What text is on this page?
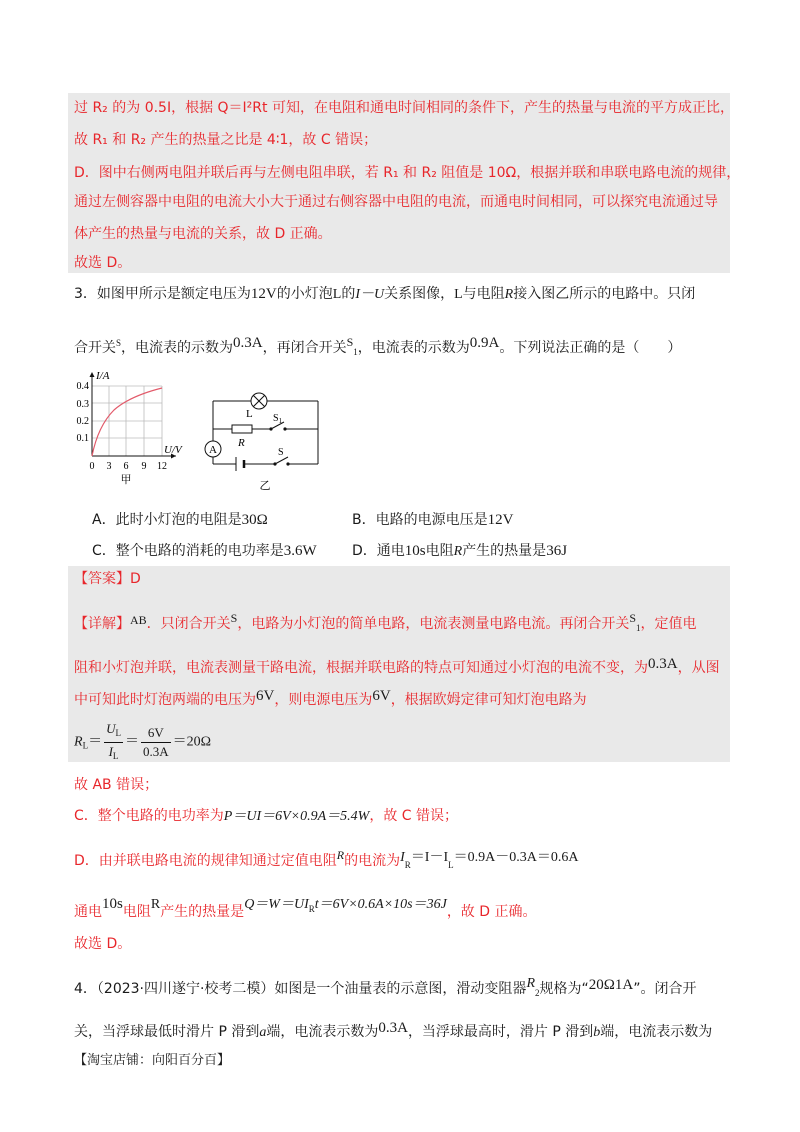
过 R₂ 的为 0.5I，根据 Q＝I²Rt 可知，在电阻和通电时间相同的条件下，产生的热量与电流的平方成正比，
故 R₁ 和 R₂ 产生的热量之比是 4∶1，故 C 错误；
D．图中右侧两电阻并联后再与左侧电阻串联，若 R₁ 和 R₂ 阻值是 10Ω，根据并联和串联电路电流的规律，
通过左侧容器中电阻的电流大小大于通过右侧容器中电阻的电流，而通电时间相同，可以探究电流通过导
体产生的热量与电流的关系，故 D 正确。
故选 D。
3．如图甲所示是额定电压为12V的小灯泡L的I－U关系图像，L与电阻R接入图乙所示的电路中。只闭
合开关$^S$，电流表的示数为0.3A，再闭合开关$S_1$，电流表的示数为0.9A。下列说法正确的是（　　）
I/A
U/V
0.4
0.3
0.2
0.1
0 3 6 9 12
甲
A
L
R
$S_1$
S
乙
A．此时小灯泡的电阻是30Ω	B．电路的电源电压是12V
C．整个电路的消耗的电功率是3.6W	D．通电10s电阻R产生的热量是36J
【答案】D
【详解】AB．只闭合开关S，电路为小灯泡的简单电路，电流表测量电路电流。再闭合开关$S_1$，定值电
阻和小灯泡并联，电流表测量干路电流，根据并联电路的特点可知通过小灯泡的电流不变，为0.3A，从图
中可知此时灯泡两端的电压为6V，则电源电压为6V，根据欧姆定律可知灯泡电路为
$R_L= \frac{U_L}{I_L} = \frac{6V}{0.3A} =20\Omega$
故 AB 错误；
C．整个电路的电功率为P＝UI＝6V×0.9A＝5.4W，故 C 错误；
D．由并联电路电流的规律知通过定值电阻R的电流为$I_R=I-I_L=0.9A-0.3A=0.6A$
通电10s电阻R产生的热量是$Q=W=UI^Rt=6V\times 0.6A\times 10s=36J$，故 D 正确。
故选 D。
4．（2023·四川遂宁·校考二模）如图是一个油量表的示意图，滑动变阻器$R_2$规格为“20Ω1A”。闭合开
关，当浮球最低时滑片 P 滑到a端，电流表示数为0.3A，当浮球最高时，滑片 P 滑到b端，电流表示数为
【淘宝店铺：向阳百分百】
